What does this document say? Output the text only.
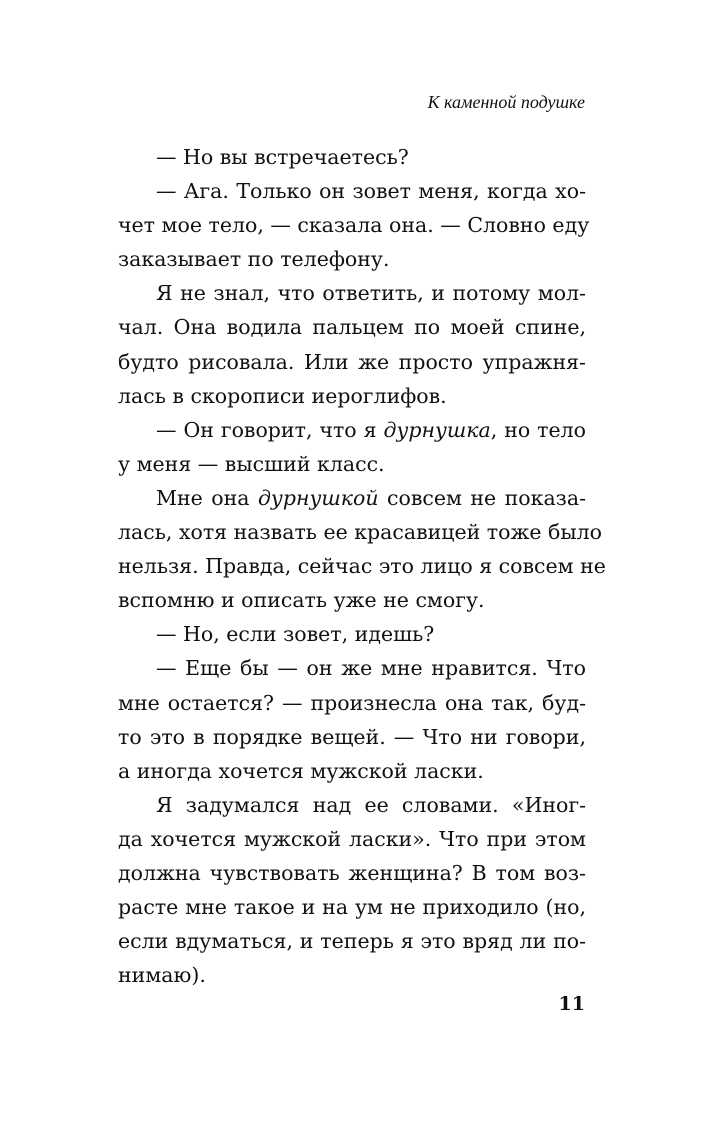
К каменной подушке
— Но вы встречаетесь?
— Ага. Только он зовет меня, когда хо-
чет мое тело, — сказала она. — Словно еду
заказывает по телефону.
Я не знал, что ответить, и потому мол-
чал. Она водила пальцем по моей спине,
будто рисовала. Или же просто упражня-
лась в скорописи иероглифов.
— Он говорит, что я дурнушка, но тело
у меня — высший класс.
Мне она дурнушкой совсем не показа-
лась, хотя назвать ее красавицей тоже было
нельзя. Правда, сейчас это лицо я совсем не
вспомню и описать уже не смогу.
— Но, если зовет, идешь?
— Еще бы — он же мне нравится. Что
мне остается? — произнесла она так, буд-
то это в порядке вещей. — Что ни говори,
а иногда хочется мужской ласки.
Я задумался над ее словами. «Иног-
да хочется мужской ласки». Что при этом
должна чувствовать женщина? В том воз-
расте мне такое и на ум не приходило (но,
если вдуматься, и теперь я это вряд ли по-
нимаю).
11
